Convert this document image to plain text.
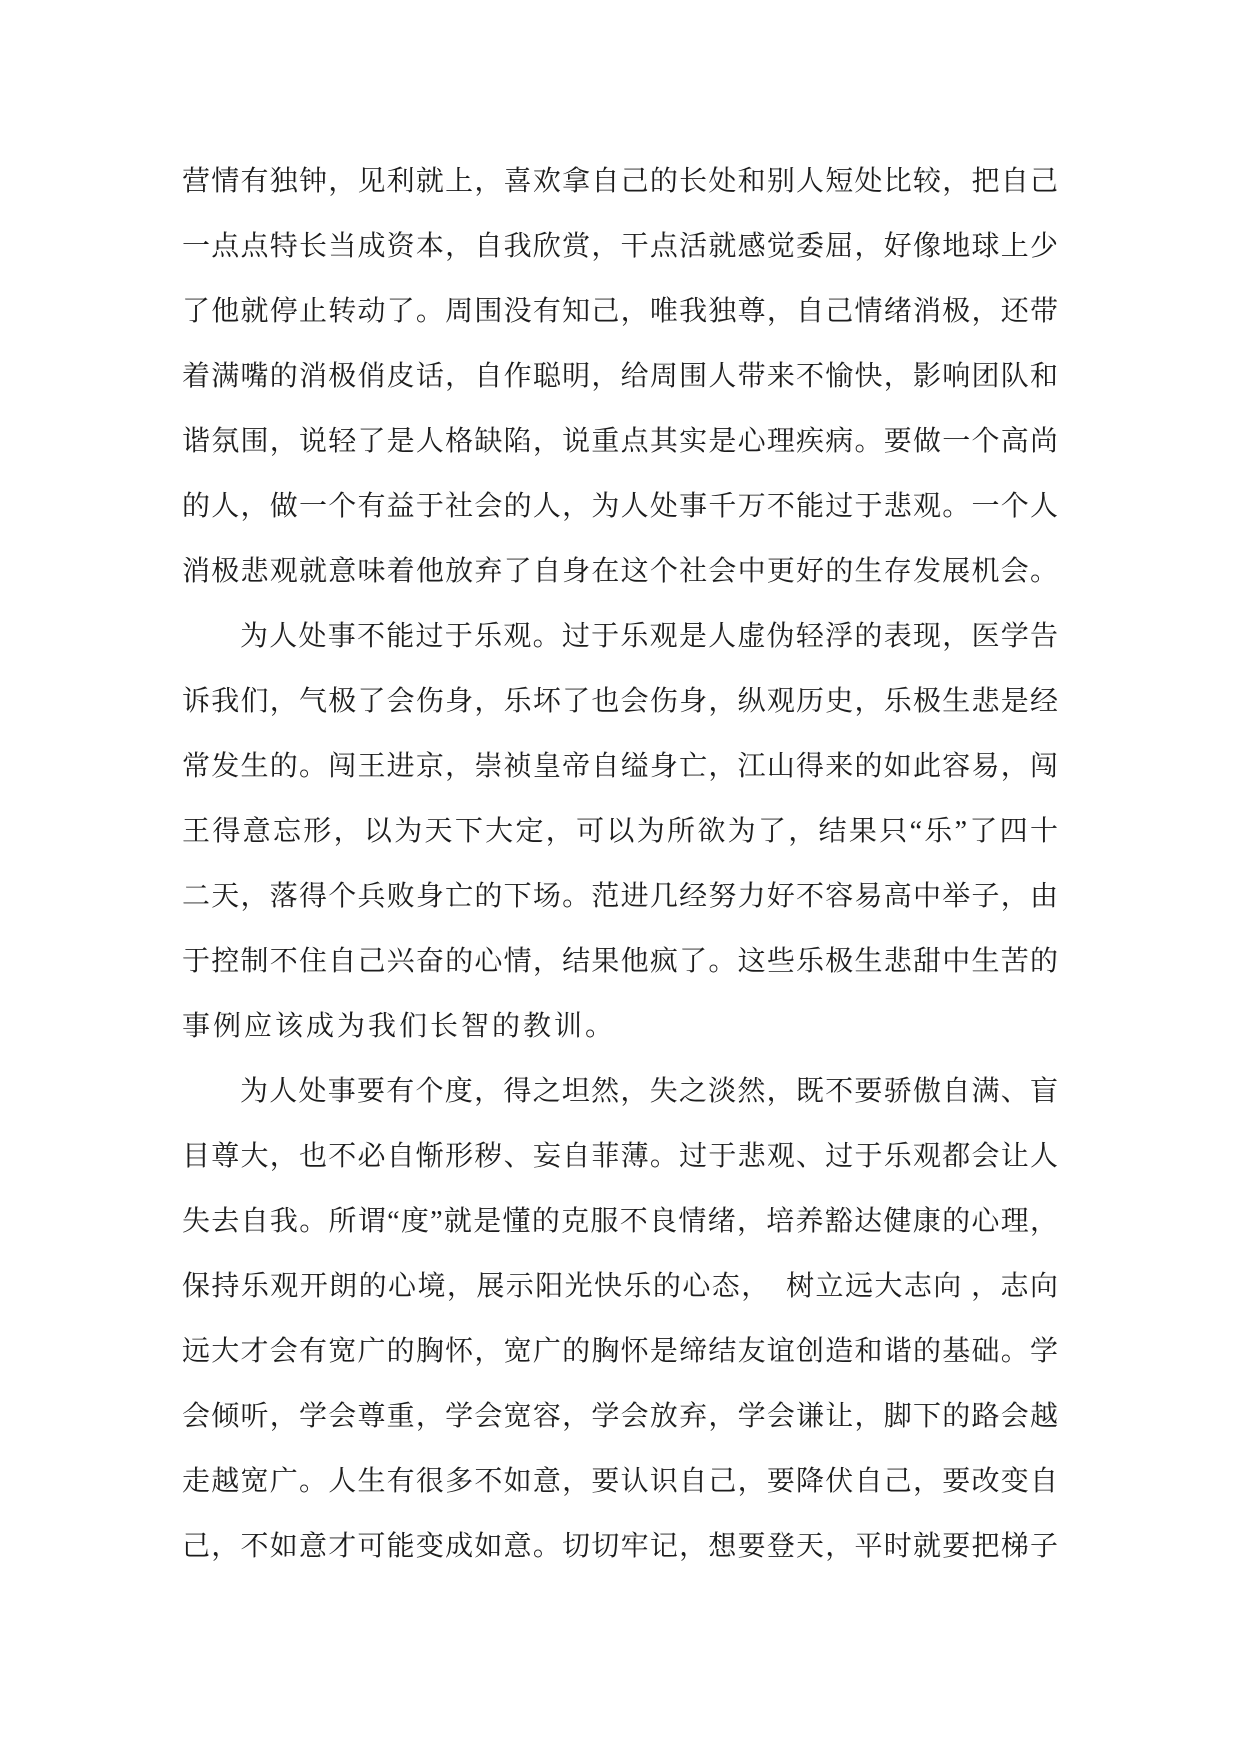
营情有独钟，见利就上，喜欢拿自己的长处和别人短处比较，把自己
一点点特长当成资本，自我欣赏，干点活就感觉委屈，好像地球上少
了他就停止转动了。周围没有知己，唯我独尊，自己情绪消极，还带
着满嘴的消极俏皮话，自作聪明，给周围人带来不愉快，影响团队和
谐氛围，说轻了是人格缺陷，说重点其实是心理疾病。要做一个高尚
的人，做一个有益于社会的人，为人处事千万不能过于悲观。一个人
消极悲观就意味着他放弃了自身在这个社会中更好的生存发展机会。
为人处事不能过于乐观。过于乐观是人虚伪轻浮的表现，医学告
诉我们，气极了会伤身，乐坏了也会伤身，纵观历史，乐极生悲是经
常发生的。闯王进京，崇祯皇帝自缢身亡，江山得来的如此容易，闯
王得意忘形，以为天下大定，可以为所欲为了，结果只“乐”了四十
二天，落得个兵败身亡的下场。范进几经努力好不容易高中举子，由
于控制不住自己兴奋的心情，结果他疯了。这些乐极生悲甜中生苦的
事例应该成为我们长智的教训。
为人处事要有个度，得之坦然，失之淡然，既不要骄傲自满、盲
目尊大，也不必自惭形秽、妄自菲薄。过于悲观、过于乐观都会让人
失去自我。所谓“度”就是懂的克服不良情绪，培养豁达健康的心理，
保持乐观开朗的心境，展示阳光快乐的心态，　树立远大志向 ，志向
远大才会有宽广的胸怀，宽广的胸怀是缔结友谊创造和谐的基础。学
会倾听，学会尊重，学会宽容，学会放弃，学会谦让，脚下的路会越
走越宽广。人生有很多不如意，要认识自己，要降伏自己，要改变自
己，不如意才可能变成如意。切切牢记，想要登天，平时就要把梯子
